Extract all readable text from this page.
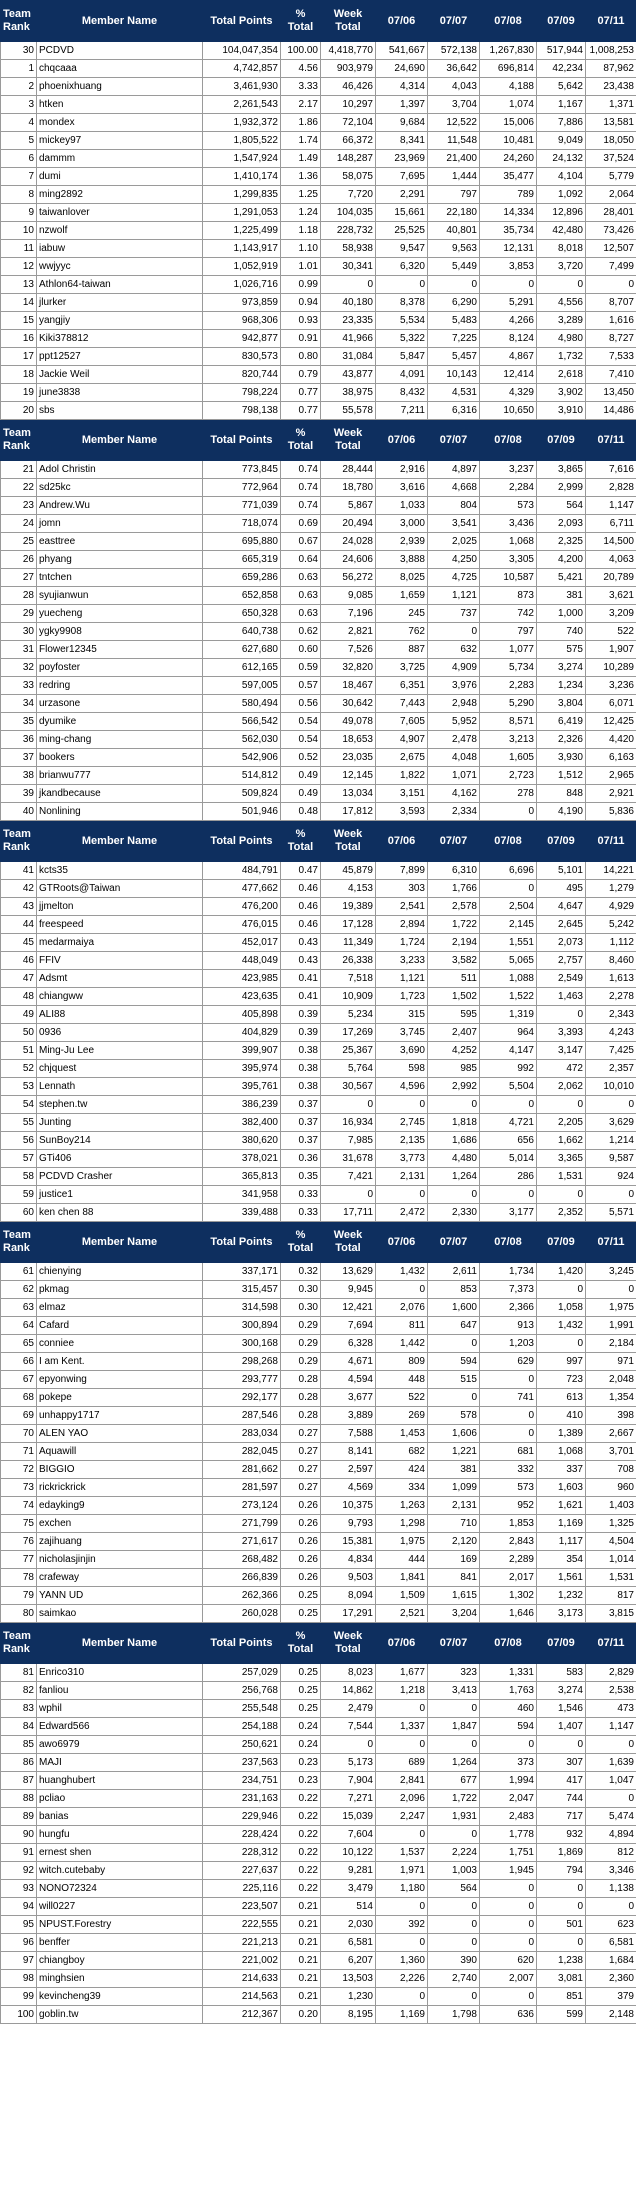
Team Rank	Member Name	Total Points	% Total	Week Total	07/06	07/07	07/08	07/09	07/11
30	PCDVD	104,047,354	100.00	4,418,770	541,667	572,138	1,267,830	517,944	1,008,253
1	chqcaaa	4,742,857	4.56	903,979	24,690	36,642	696,814	42,234	87,962
2	phoenixhuang	3,461,930	3.33	46,426	4,314	4,043	4,188	5,642	23,438
3	htken	2,261,543	2.17	10,297	1,397	3,704	1,074	1,167	1,371
4	mondex	1,932,372	1.86	72,104	9,684	12,522	15,006	7,886	13,581
5	mickey97	1,805,522	1.74	66,372	8,341	11,548	10,481	9,049	18,050
6	dammm	1,547,924	1.49	148,287	23,969	21,400	24,260	24,132	37,524
7	dumi	1,410,174	1.36	58,075	7,695	1,444	35,477	4,104	5,779
8	ming2892	1,299,835	1.25	7,720	2,291	797	789	1,092	2,064
9	taiwanlover	1,291,053	1.24	104,035	15,661	22,180	14,334	12,896	28,401
10	nzwolf	1,225,499	1.18	228,732	25,525	40,801	35,734	42,480	73,426
11	iabuw	1,143,917	1.10	58,938	9,547	9,563	12,131	8,018	12,507
12	wwjyyc	1,052,919	1.01	30,341	6,320	5,449	3,853	3,720	7,499
13	Athlon64-taiwan	1,026,716	0.99	0	0	0	0	0	0
14	jlurker	973,859	0.94	40,180	8,378	6,290	5,291	4,556	8,707
15	yangjiy	968,306	0.93	23,335	5,534	5,483	4,266	3,289	1,616
16	Kiki378812	942,877	0.91	41,966	5,322	7,225	8,124	4,980	8,727
17	ppt12527	830,573	0.80	31,084	5,847	5,457	4,867	1,732	7,533
18	Jackie Weil	820,744	0.79	43,877	4,091	10,143	12,414	2,618	7,410
19	june3838	798,224	0.77	38,975	8,432	4,531	4,329	3,902	13,450
20	sbs	798,138	0.77	55,578	7,211	6,316	10,650	3,910	14,486
Team Rank	Member Name	Total Points	% Total	Week Total	07/06	07/07	07/08	07/09	07/11
21	Adol Christin	773,845	0.74	28,444	2,916	4,897	3,237	3,865	7,616
22	sd25kc	772,964	0.74	18,780	3,616	4,668	2,284	2,999	2,828
23	Andrew.Wu	771,039	0.74	5,867	1,033	804	573	564	1,147
24	jomn	718,074	0.69	20,494	3,000	3,541	3,436	2,093	6,711
25	easttree	695,880	0.67	24,028	2,939	2,025	1,068	2,325	14,500
26	phyang	665,319	0.64	24,606	3,888	4,250	3,305	4,200	4,063
27	tntchen	659,286	0.63	56,272	8,025	4,725	10,587	5,421	20,789
28	syujianwun	652,858	0.63	9,085	1,659	1,121	873	381	3,621
29	yuecheng	650,328	0.63	7,196	245	737	742	1,000	3,209
30	ygky9908	640,738	0.62	2,821	762	0	797	740	522
31	Flower12345	627,680	0.60	7,526	887	632	1,077	575	1,907
32	poyfoster	612,165	0.59	32,820	3,725	4,909	5,734	3,274	10,289
33	redring	597,005	0.57	18,467	6,351	3,976	2,283	1,234	3,236
34	urzasone	580,494	0.56	30,642	7,443	2,948	5,290	3,804	6,071
35	dyumike	566,542	0.54	49,078	7,605	5,952	8,571	6,419	12,425
36	ming-chang	562,030	0.54	18,653	4,907	2,478	3,213	2,326	4,420
37	bookers	542,906	0.52	23,035	2,675	4,048	1,605	3,930	6,163
38	brianwu777	514,812	0.49	12,145	1,822	1,071	2,723	1,512	2,965
39	jkandbecause	509,824	0.49	13,034	3,151	4,162	278	848	2,921
40	Nonlining	501,946	0.48	17,812	3,593	2,334	0	4,190	5,836
Team Rank	Member Name	Total Points	% Total	Week Total	07/06	07/07	07/08	07/09	07/11
41	kcts35	484,791	0.47	45,879	7,899	6,310	6,696	5,101	14,221
42	GTRoots@Taiwan	477,662	0.46	4,153	303	1,766	0	495	1,279
43	jjmelton	476,200	0.46	19,389	2,541	2,578	2,504	4,647	4,929
44	freespeed	476,015	0.46	17,128	2,894	1,722	2,145	2,645	5,242
45	medarmaiya	452,017	0.43	11,349	1,724	2,194	1,551	2,073	1,112
46	FFIV	448,049	0.43	26,338	3,233	3,582	5,065	2,757	8,460
47	Adsmt	423,985	0.41	7,518	1,121	511	1,088	2,549	1,613
48	chiangww	423,635	0.41	10,909	1,723	1,502	1,522	1,463	2,278
49	ALI88	405,898	0.39	5,234	315	595	1,319	0	2,343
50	0936	404,829	0.39	17,269	3,745	2,407	964	3,393	4,243
51	Ming-Ju Lee	399,907	0.38	25,367	3,690	4,252	4,147	3,147	7,425
52	chjquest	395,974	0.38	5,764	598	985	992	472	2,357
53	Lennath	395,761	0.38	30,567	4,596	2,992	5,504	2,062	10,010
54	stephen.tw	386,239	0.37	0	0	0	0	0	0
55	Junting	382,400	0.37	16,934	2,745	1,818	4,721	2,205	3,629
56	SunBoy214	380,620	0.37	7,985	2,135	1,686	656	1,662	1,214
57	GTi406	378,021	0.36	31,678	3,773	4,480	5,014	3,365	9,587
58	PCDVD Crasher	365,813	0.35	7,421	2,131	1,264	286	1,531	924
59	justice1	341,958	0.33	0	0	0	0	0	0
60	ken chen 88	339,488	0.33	17,711	2,472	2,330	3,177	2,352	5,571
Team Rank	Member Name	Total Points	% Total	Week Total	07/06	07/07	07/08	07/09	07/11
61	chienying	337,171	0.32	13,629	1,432	2,611	1,734	1,420	3,245
62	pkmag	315,457	0.30	9,945	0	853	7,373	0	0
63	elmaz	314,598	0.30	12,421	2,076	1,600	2,366	1,058	1,975
64	Cafard	300,894	0.29	7,694	811	647	913	1,432	1,991
65	conniee	300,168	0.29	6,328	1,442	0	1,203	0	2,184
66	I am Kent.	298,268	0.29	4,671	809	594	629	997	971
67	epyonwing	293,777	0.28	4,594	448	515	0	723	2,048
68	pokepe	292,177	0.28	3,677	522	0	741	613	1,354
69	unhappy1717	287,546	0.28	3,889	269	578	0	410	398
70	ALEN YAO	283,034	0.27	7,588	1,453	1,606	0	1,389	2,667
71	Aquawill	282,045	0.27	8,141	682	1,221	681	1,068	3,701
72	BIGGIO	281,662	0.27	2,597	424	381	332	337	708
73	rickrickrick	281,597	0.27	4,569	334	1,099	573	1,603	960
74	edayking9	273,124	0.26	10,375	1,263	2,131	952	1,621	1,403
75	exchen	271,799	0.26	9,793	1,298	710	1,853	1,169	1,325
76	zajihuang	271,617	0.26	15,381	1,975	2,120	2,843	1,117	4,504
77	nicholasjinjin	268,482	0.26	4,834	444	169	2,289	354	1,014
78	crafeway	266,839	0.26	9,503	1,841	841	2,017	1,561	1,531
79	YANN UD	262,366	0.25	8,094	1,509	1,615	1,302	1,232	817
80	saimkao	260,028	0.25	17,291	2,521	3,204	1,646	3,173	3,815
Team Rank	Member Name	Total Points	% Total	Week Total	07/06	07/07	07/08	07/09	07/11
81	Enrico310	257,029	0.25	8,023	1,677	323	1,331	583	2,829
82	fanliou	256,768	0.25	14,862	1,218	3,413	1,763	3,274	2,538
83	wphil	255,548	0.25	2,479	0	0	460	1,546	473
84	Edward566	254,188	0.24	7,544	1,337	1,847	594	1,407	1,147
85	awo6979	250,621	0.24	0	0	0	0	0	0
86	MAJI	237,563	0.23	5,173	689	1,264	373	307	1,639
87	huanghubert	234,751	0.23	7,904	2,841	677	1,994	417	1,047
88	pcliao	231,163	0.22	7,271	2,096	1,722	2,047	744	0
89	banias	229,946	0.22	15,039	2,247	1,931	2,483	717	5,474
90	hungfu	228,424	0.22	7,604	0	0	1,778	932	4,894
91	ernest shen	228,312	0.22	10,122	1,537	2,224	1,751	1,869	812
92	witch.cutebaby	227,637	0.22	9,281	1,971	1,003	1,945	794	3,346
93	NONO72324	225,116	0.22	3,479	1,180	564	0	0	1,138
94	will0227	223,507	0.21	514	0	0	0	0	0
95	NPUST.Forestry	222,555	0.21	2,030	392	0	0	501	623
96	benffer	221,213	0.21	6,581	0	0	0	0	6,581
97	chiangboy	221,002	0.21	6,207	1,360	390	620	1,238	1,684
98	minghsien	214,633	0.21	13,503	2,226	2,740	2,007	3,081	2,360
99	kevincheng39	214,563	0.21	1,230	0	0	0	851	379
100	goblin.tw	212,367	0.20	8,195	1,169	1,798	636	599	2,148
